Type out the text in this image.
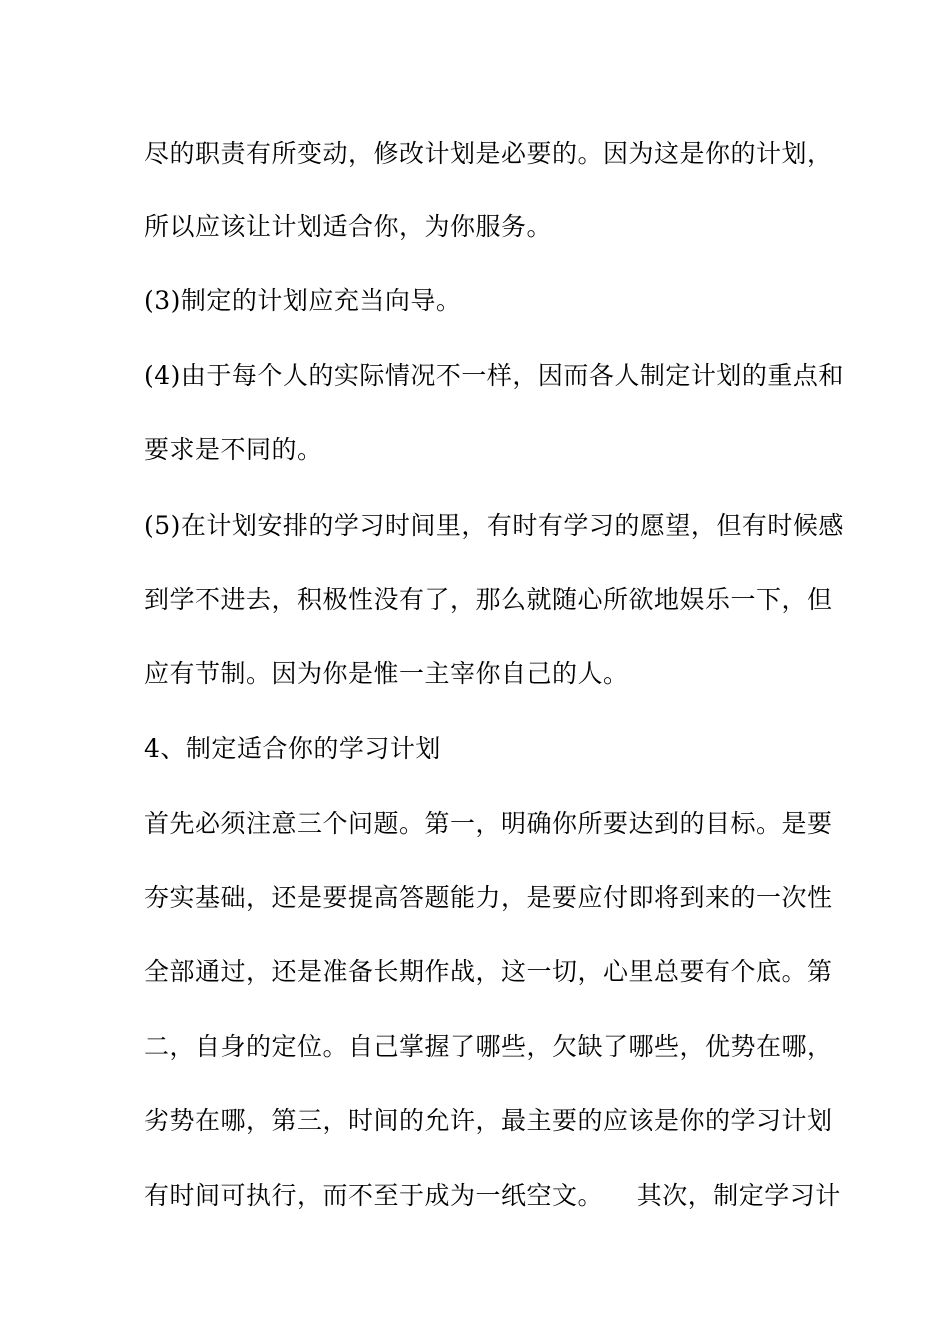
尽的职责有所变动，修改计划是必要的。因为这是你的计划，
所以应该让计划适合你，为你服务。
(3)制定的计划应充当向导。
(4)由于每个人的实际情况不一样，因而各人制定计划的重点和
要求是不同的。
(5)在计划安排的学习时间里，有时有学习的愿望，但有时候感
到学不进去，积极性没有了，那么就随心所欲地娱乐一下，但
应有节制。因为你是惟一主宰你自己的人。
4、制定适合你的学习计划
首先必须注意三个问题。第一，明确你所要达到的目标。是要
夯实基础，还是要提高答题能力，是要应付即将到来的一次性
全部通过，还是准备长期作战，这一切，心里总要有个底。第
二，自身的定位。自己掌握了哪些，欠缺了哪些，优势在哪，
劣势在哪，第三，时间的允许，最主要的应该是你的学习计划
有时间可执行，而不至于成为一纸空文。    其次，制定学习计
